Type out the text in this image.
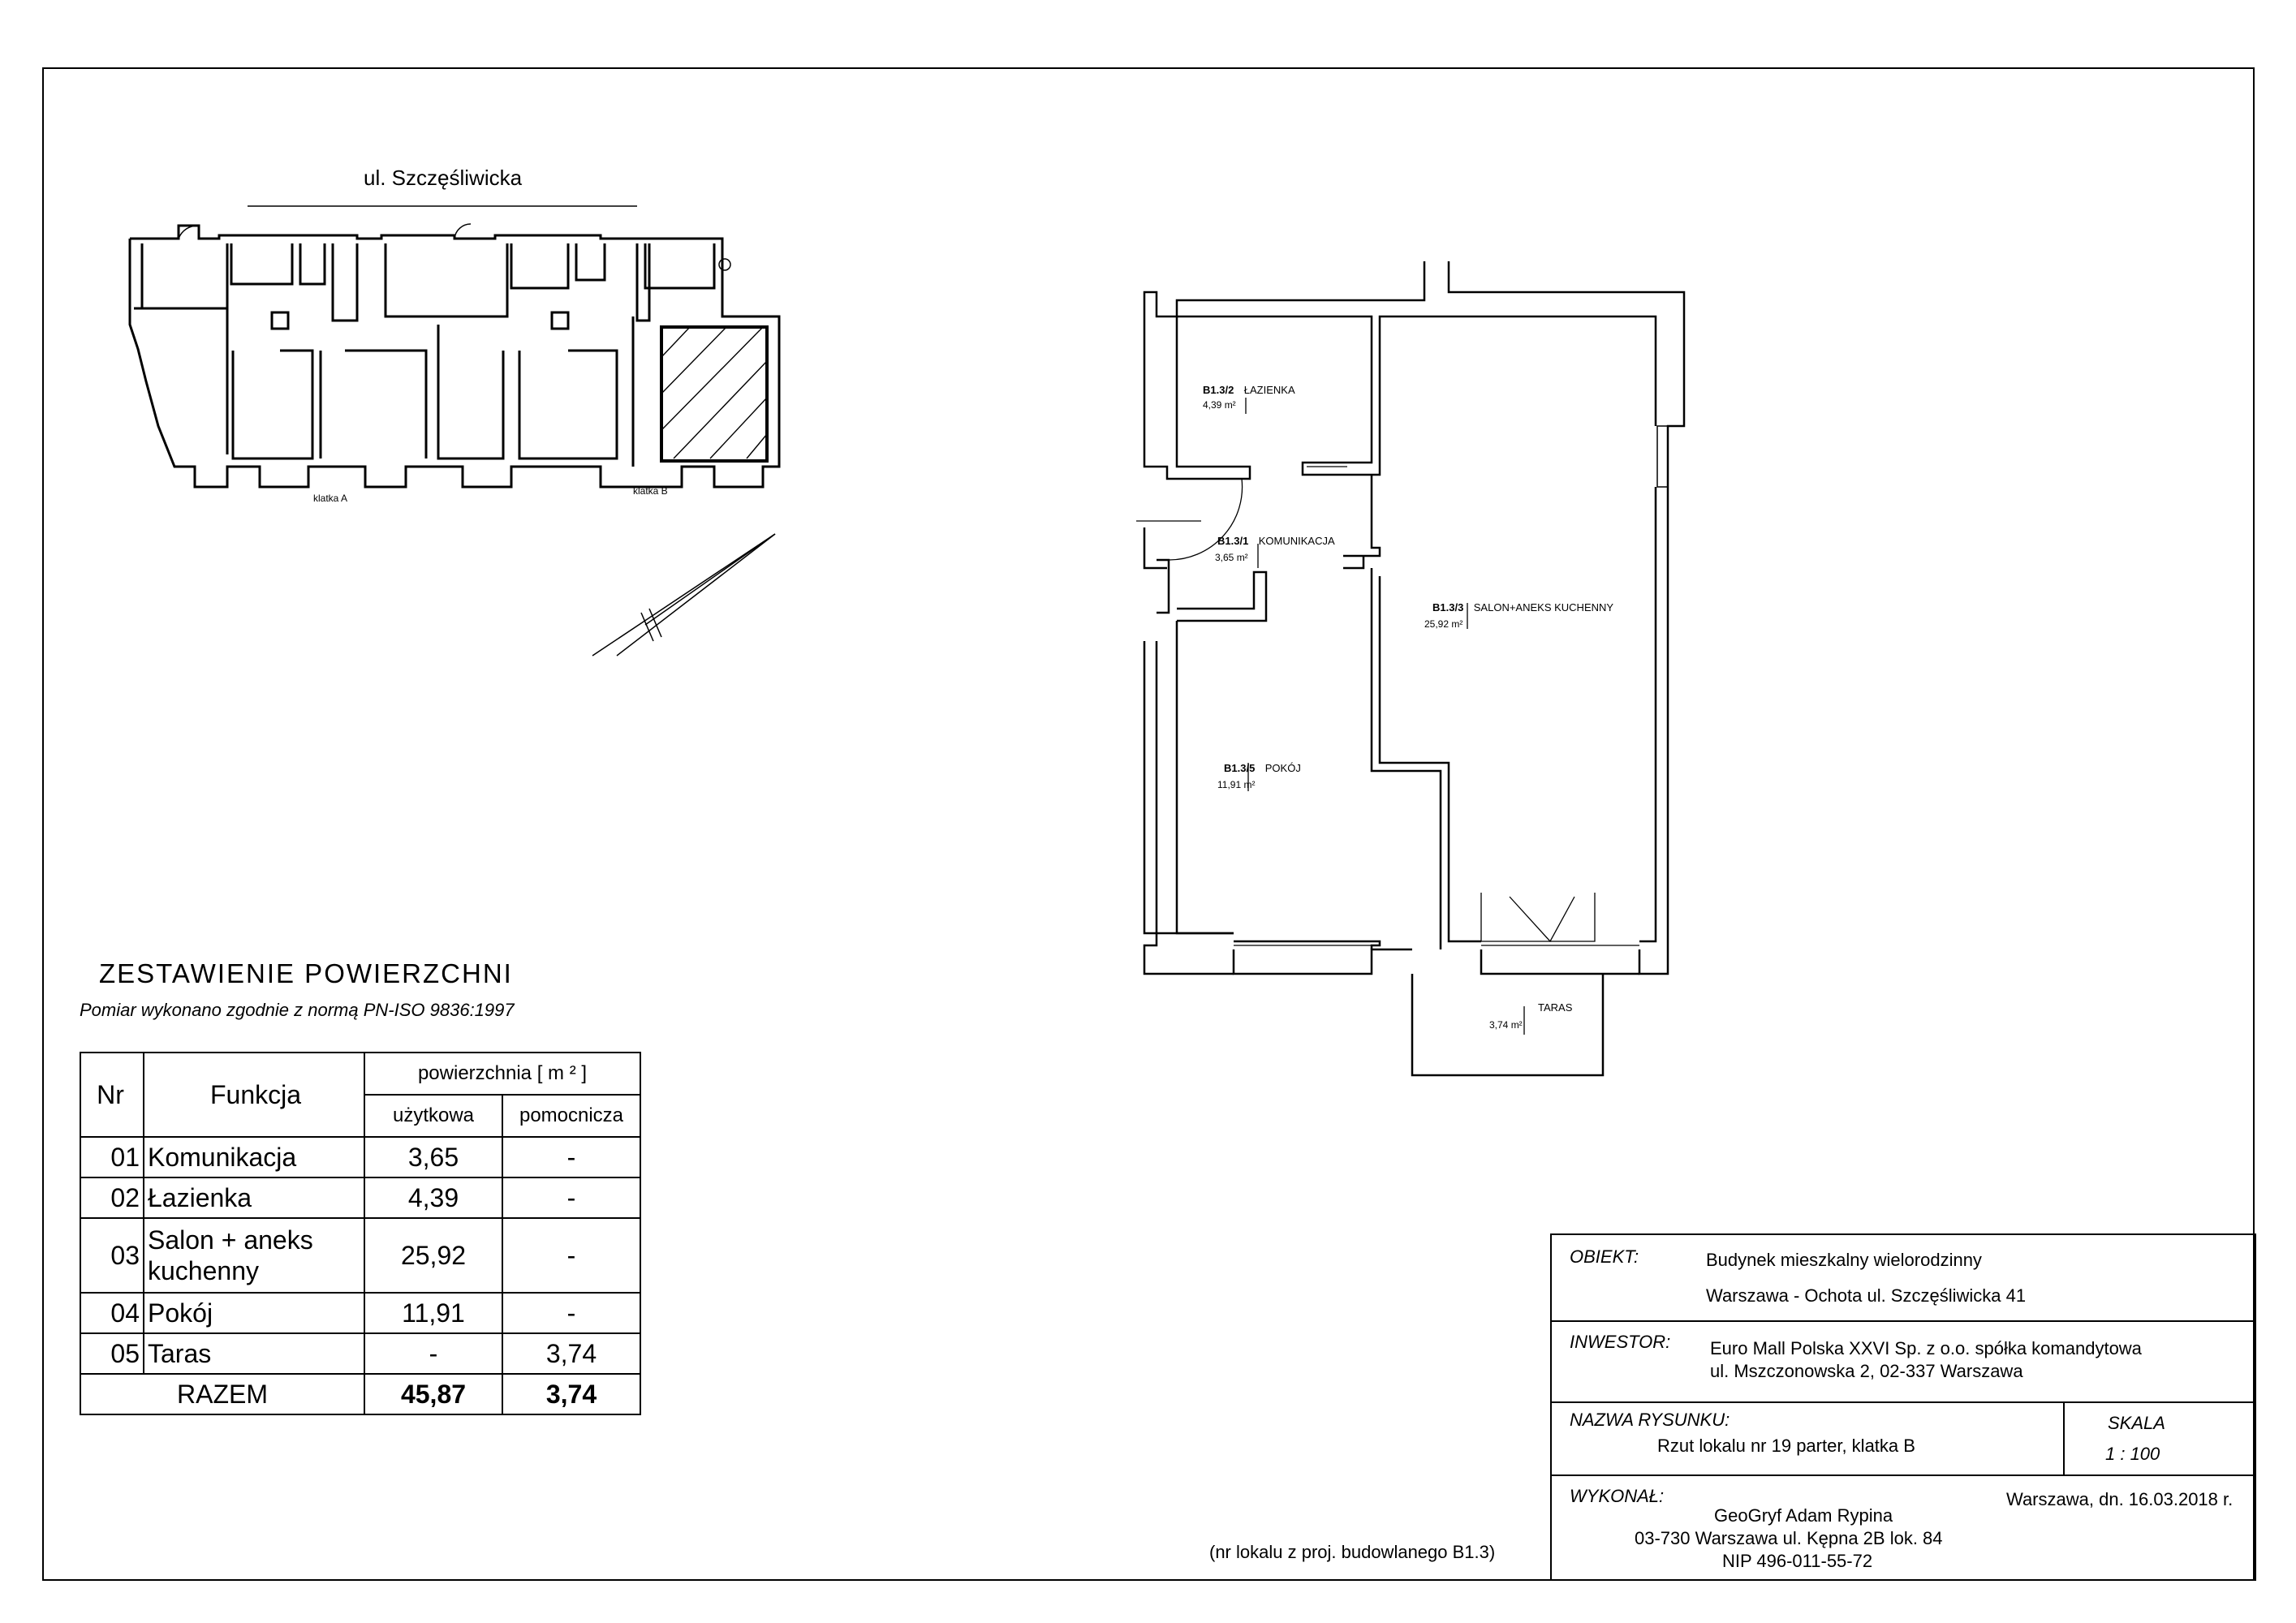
ul. Szczęśliwicka
klatka A
klatka B
B1.3/2 ŁAZIENKA
4,39 m²
B1.3/1 KOMUNIKACJA
3,65 m²
B1.3/3 SALON+ANEKS KUCHENNY
25,92 m²
B1.3/5 POKÓJ
11,91 m²
TARAS
3,74 m²
ZESTAWIENIE POWIERZCHNI
Pomiar wykonano zgodnie z normą PN-ISO 9836:1997
Nr	Funkcja	powierzchnia [ m ² ]	
		użytkowa	pomocnicza
01	Komunikacja	3,65	-
02	Łazienka	4,39	-
03	Salon + aneks kuchenny	25,92	-
04	Pokój	11,91	-
05	Taras	-	3,74
RAZEM		45,87	3,74
OBIEKT:	Budynek mieszkalny wielorodzinny
Warszawa - Ochota ul. Szczęśliwicka 41
INWESTOR: Euro Mall Polska XXVI Sp. z o.o. spółka komandytowa
ul. Mszczonowska 2, 02-337 Warszawa
NAZWA RYSUNKU:
Rzut lokalu nr 19 parter, klatka B
SKALA
1 : 100
WYKONAŁ:	Warszawa, dn. 16.03.2018 r.
GeoGryf Adam Rypina
03-730 Warszawa ul. Kępna 2B lok. 84
NIP 496-011-55-72
(nr lokalu z proj. budowlanego B1.3)
